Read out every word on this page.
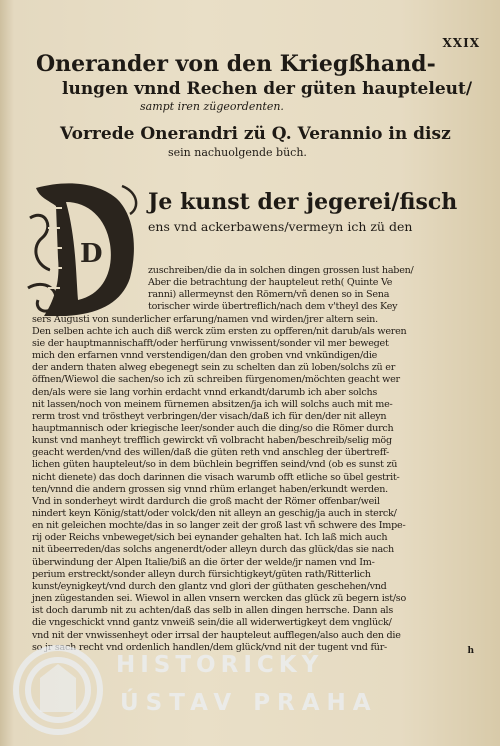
XXIX
Onerander von den Kriegßhand-
lungen vnnd Rechen der güten haupteleut/
sampt iren zügeordenten.
Vorrede Onerandri zü Q. Verannio in disz
sein nachuolgende büch.
D
Je kunst der jegerei/fisch
ens vnd ackerbawens/vermeyn ich zü den
zuschreiben/die da in solchen dingen grossen lust haben/
Aber die betrachtung der haupteleut reth( Quinte Ve
ranni) allermeynst den Römern/vñ denen so in Sena
torischer wirde übertreflich/nach dem v'theyl des Key
sers Augusti von sunderlicher erfarung/namen vnd wirden/jrer altern sein.
Den selben achte ich auch diß werck züm ersten zu opfferen/nit darub/als weren
sie der hauptmannischafft/oder herfürung vnwissent/sonder vil mer beweget
mich den erfarnen vnnd verstendigen/dan den groben vnd vnkündigen/die
der andern thaten alweg ebegenegt sein zu schelten dan zü loben/solchs zü er
öffnen/Wiewol die sachen/so ich zü schreiben fürgenomen/möchten geacht wer
den/als were sie lang vorhin erdacht vnnd erkandt/darumb ich aber solchs
nit lassen/noch von meinem fürnemen absitzen/ja ich will solchs auch mit me-
rerm trost vnd tröstheyt verbringen/der visach/daß ich für den/der nit alleyn
hauptmannisch oder kriegische leer/sonder auch die ding/so die Römer durch
kunst vnd manheyt trefflich gewirckt vñ volbracht haben/beschreib/selig mög
geacht werden/vnd des willen/daß die güten reth vnd anschleg der übertreff-
lichen güten haupteleut/so in dem büchlein begriffen seind/vnd (ob es sunst zü
nicht dienete) das doch darinnen die visach warumb offt etliche so übel gestrit-
ten/vnnd die andern grossen sig vnnd rhüm erlanget haben/erkundt werden.
Vnd in sonderheyt wirdt dardurch die groß macht der Römer offenbar/weil
nindert keyn König/statt/oder volck/den nit alleyn an geschig/ja auch in sterck/
en nit geleichen mochte/das in so langer zeit der groß last vñ schwere des Impe-
rij oder Reichs vnbeweget/sich bei eynander gehalten hat. Ich laß mich auch
nit übeerreden/das solchs angenerdt/oder alleyn durch das glück/das sie nach
überwindung der Alpen Italie/biß an die örter der welde/jr namen vnd Im-
perium erstreckt/sonder alleyn durch fürsichtigkeyt/güten rath/Ritterlich
kunst/eynigkeyt/vnd durch den glantz vnd glori der güthaten geschehen/vnd
jnen zügestanden sei. Wiewol in allen vnsern wercken das glück zü begern ist/so
ist doch darumb nit zu achten/daß das selb in allen dingen herrsche. Dann als
die vngeschickt vnnd gantz vnweiß sein/die all widerwertigkeyt dem vnglück/
vnd nit der vnwissenheyt oder irrsal der haupteleut aufflegen/also auch den die
so jr sach recht vnd ordenlich handlen/dem glück/vnd nit der tugent vnd für-	h
HISTORICKÝ
ÚSTAV PRAHA
